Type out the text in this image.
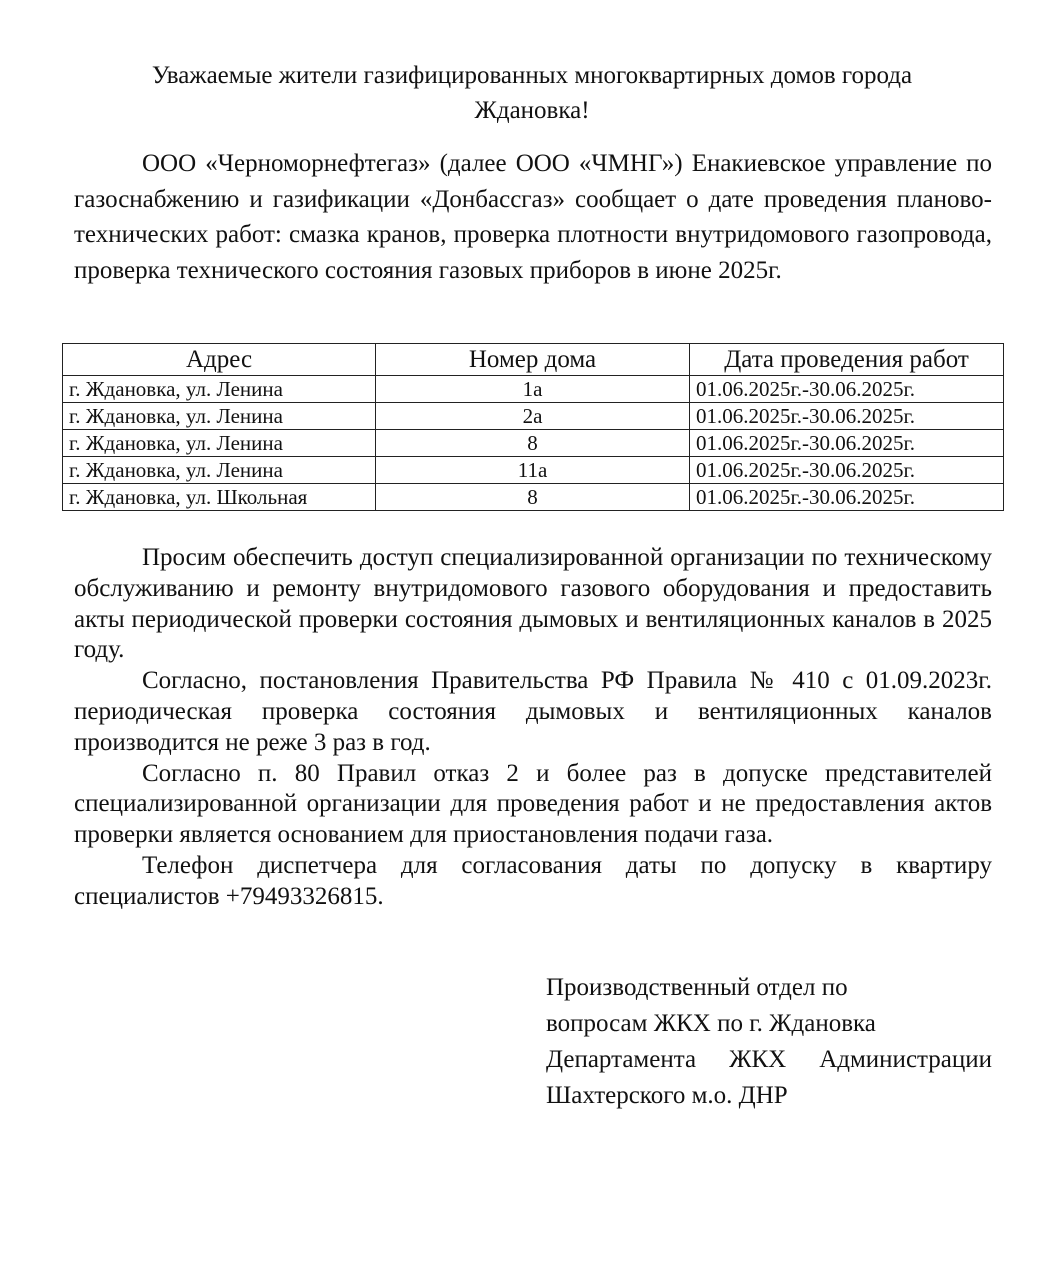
Уважаемые жители газифицированных многоквартирных домов города
Ждановка!

ООО «Черноморнефтегаз» (далее ООО «ЧМНГ») Енакиевское управление по газоснабжению и газификации «Донбассгаз» сообщает о дате проведения планово-технических работ: смазка кранов, проверка плотности внутридомового газопровода, проверка технического состояния газовых приборов в июне 2025г.

Адрес	Номер дома	Дата проведения работ
г. Ждановка, ул. Ленина	1а	01.06.2025г.-30.06.2025г.
г. Ждановка, ул. Ленина	2а	01.06.2025г.-30.06.2025г.
г. Ждановка, ул. Ленина	8	01.06.2025г.-30.06.2025г.
г. Ждановка, ул. Ленина	11а	01.06.2025г.-30.06.2025г.
г. Ждановка, ул. Школьная	8	01.06.2025г.-30.06.2025г.

Просим обеспечить доступ специализированной организации по техническому обслуживанию и ремонту внутридомового газового оборудования и предоставить акты периодической проверки состояния дымовых и вентиляционных каналов в 2025 году.

Согласно, постановления Правительства РФ Правила № 410 с 01.09.2023г. периодическая проверка состояния дымовых и вентиляционных каналов производится не реже 3 раз в год.

Согласно п. 80 Правил отказ 2 и более раз в допуске представителей специализированной организации для проведения работ и не предоставления актов проверки является основанием для приостановления подачи газа.

Телефон диспетчера для согласования даты по допуску в квартиру специалистов +79493326815.

Производственный отдел по
вопросам ЖКХ по г. Ждановка
Департамента ЖКХ Администрации
Шахтерского м.о. ДНР
